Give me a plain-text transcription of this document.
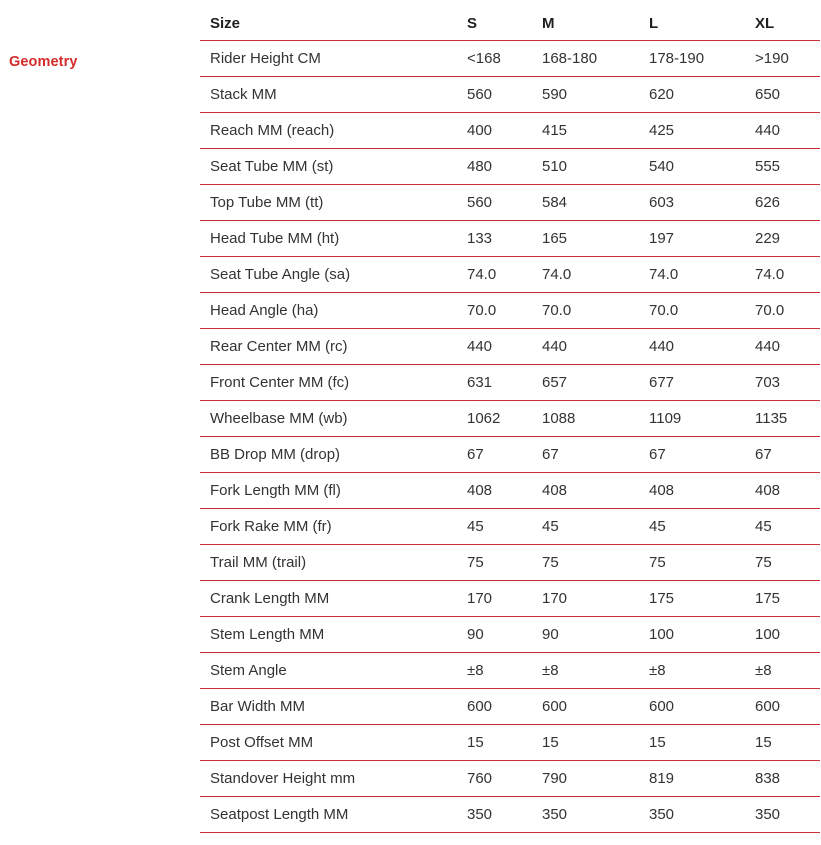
Geometry
Size	S	M	L	XL
Rider Height CM	<168	168-180	178-190	>190
Stack MM	560	590	620	650
Reach MM (reach)	400	415	425	440
Seat Tube MM (st)	480	510	540	555
Top Tube MM (tt)	560	584	603	626
Head Tube MM (ht)	133	165	197	229
Seat Tube Angle (sa)	74.0	74.0	74.0	74.0
Head Angle (ha)	70.0	70.0	70.0	70.0
Rear Center MM (rc)	440	440	440	440
Front Center MM (fc)	631	657	677	703
Wheelbase MM (wb)	1062	1088	1109	1135
BB Drop MM (drop)	67	67	67	67
Fork Length MM (fl)	408	408	408	408
Fork Rake MM (fr)	45	45	45	45
Trail MM (trail)	75	75	75	75
Crank Length MM	170	170	175	175
Stem Length MM	90	90	100	100
Stem Angle	±8	±8	±8	±8
Bar Width MM	600	600	600	600
Post Offset MM	15	15	15	15
Standover Height mm	760	790	819	838
Seatpost Length MM	350	350	350	350
